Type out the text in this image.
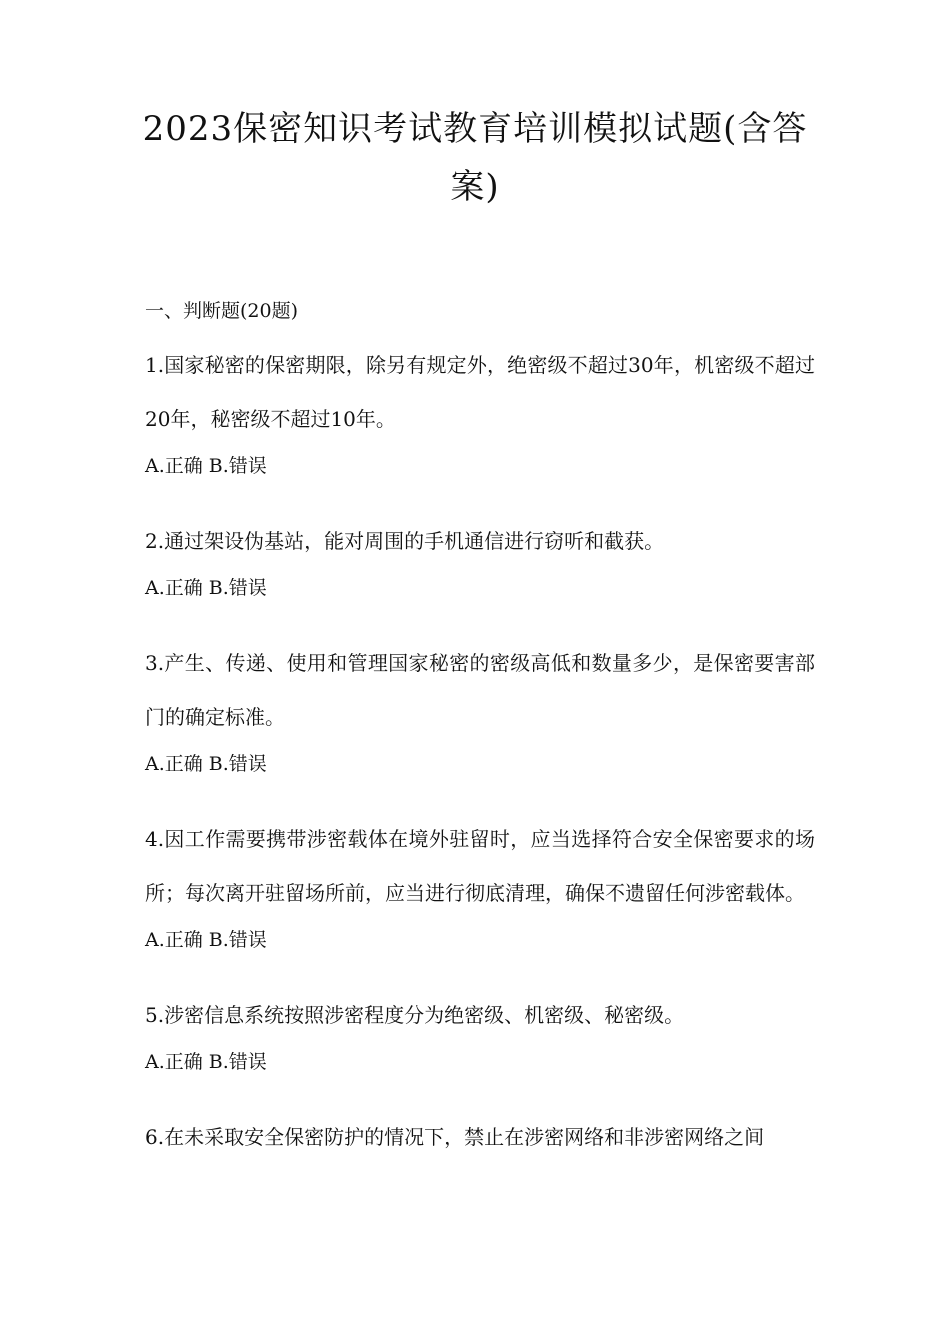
2023保密知识考试教育培训模拟试题(含答案)

一、判断题(20题)

1.国家秘密的保密期限，除另有规定外，绝密级不超过30年，机密级不超过20年，秘密级不超过10年。

A.正确 B.错误

2.通过架设伪基站，能对周围的手机通信进行窃听和截获。

A.正确 B.错误

3.产生、传递、使用和管理国家秘密的密级高低和数量多少，是保密要害部门的确定标准。

A.正确 B.错误

4.因工作需要携带涉密载体在境外驻留时，应当选择符合安全保密要求的场所；每次离开驻留场所前，应当进行彻底清理，确保不遗留任何涉密载体。

A.正确 B.错误

5.涉密信息系统按照涉密程度分为绝密级、机密级、秘密级。

A.正确 B.错误

6.在未采取安全保密防护的情况下，禁止在涉密网络和非涉密网络之间
